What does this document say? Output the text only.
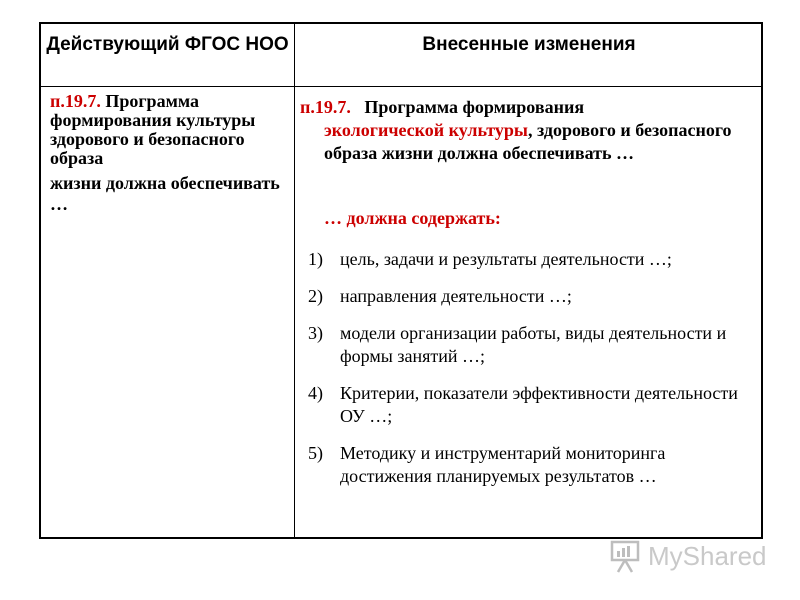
Действующий ФГОС НОО	Внесенные изменения

п.19.7. Программа формирования культуры здорового и безопасного образа

жизни должна обеспечивать …

п.19.7. Программа формирования
экологической культуры, здорового и безопасного образа жизни должна обеспечивать …
… должна содержать:
1) цель, задачи и результаты деятельности …;
2) направления деятельности …;
3) модели организации работы, виды деятельности и формы занятий …;
4) Критерии, показатели эффективности деятельности ОУ …;
5) Методику и инструментарий мониторинга достижения планируемых результатов …
MyShared
